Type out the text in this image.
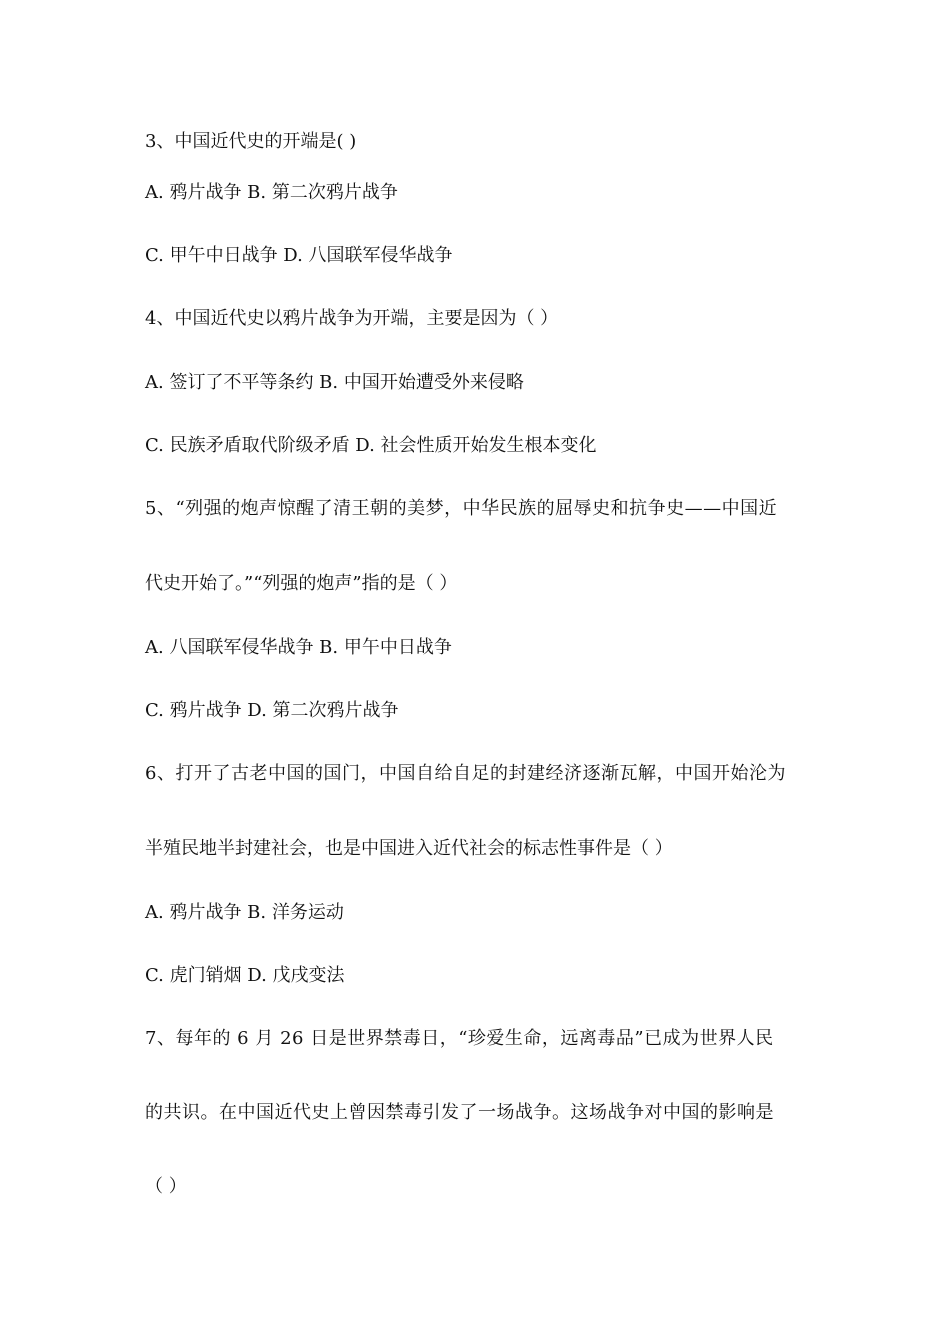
3、中国近代史的开端是( )
A. 鸦片战争 B. 第二次鸦片战争
C. 甲午中日战争 D. 八国联军侵华战争
4、中国近代史以鸦片战争为开端，主要是因为（ ）
A. 签订了不平等条约 B. 中国开始遭受外来侵略
C. 民族矛盾取代阶级矛盾 D. 社会性质开始发生根本变化
5、“列强的炮声惊醒了清王朝的美梦，中华民族的屈辱史和抗争史——中国近
代史开始了。”“列强的炮声”指的是（ ）
A. 八国联军侵华战争 B. 甲午中日战争
C. 鸦片战争 D. 第二次鸦片战争
6、打开了古老中国的国门，中国自给自足的封建经济逐渐瓦解，中国开始沦为
半殖民地半封建社会，也是中国进入近代社会的标志性事件是（ ）
A. 鸦片战争 B. 洋务运动
C. 虎门销烟 D. 戊戌变法
7、每年的 6 月 26 日是世界禁毒日，“珍爱生命，远离毒品”已成为世界人民
的共识。在中国近代史上曾因禁毒引发了一场战争。这场战争对中国的影响是
（ ）
